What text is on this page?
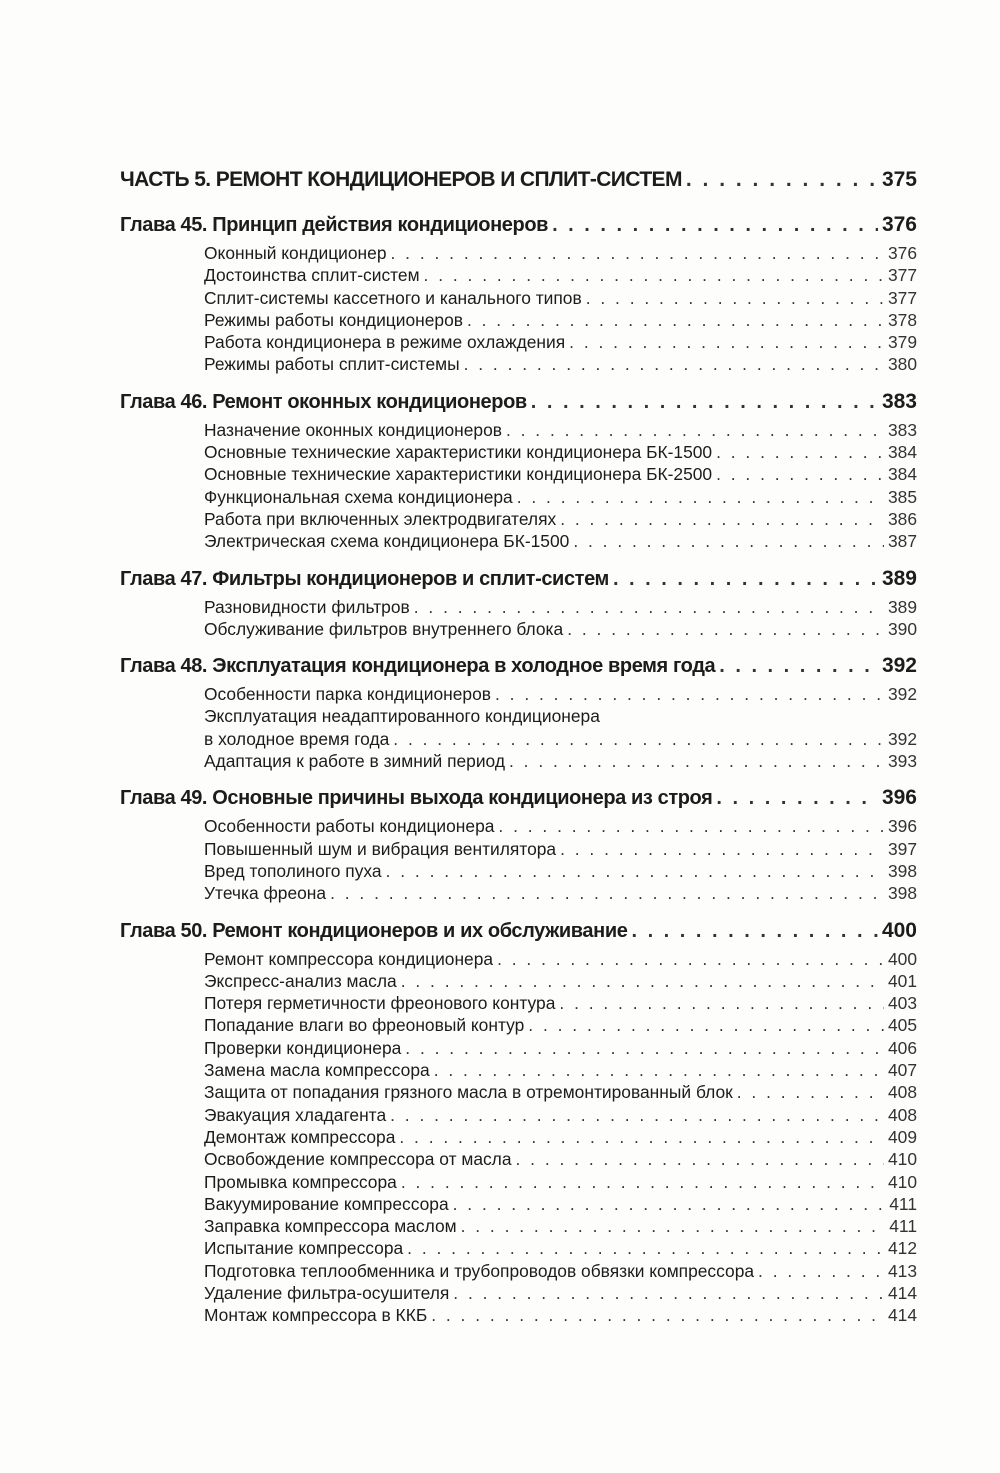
ЧАСТЬ 5. РЕМОНТ КОНДИЦИОНЕРОВ И СПЛИТ-СИСТЕМ . . .	375
Глава 45. Принцип действия кондиционеров . . .	376
Оконный кондиционер . . .	376
Достоинства сплит-систем . . .	377
Сплит-системы кассетного и канального типов . . .	377
Режимы работы кондиционеров . . .	378
Работа кондиционера в режиме охлаждения . . .	379
Режимы работы сплит-системы . . .	380
Глава 46. Ремонт оконных кондиционеров . . .	383
Назначение оконных кондиционеров . . .	383
Основные технические характеристики кондиционера БК-1500 . . .	384
Основные технические характеристики кондиционера БК-2500 . . .	384
Функциональная схема кондиционера . . .	385
Работа при включенных электродвигателях . . .	386
Электрическая схема кондиционера БК-1500 . . .	387
Глава 47. Фильтры кондиционеров и сплит-систем . . .	389
Разновидности фильтров . . .	389
Обслуживание фильтров внутреннего блока . . .	390
Глава 48. Эксплуатация кондиционера в холодное время года . . .	392
Особенности парка кондиционеров . . .	392
Эксплуатация неадаптированного кондиционера
в холодное время года . . .	392
Адаптация к работе в зимний период . . .	393
Глава 49. Основные причины выхода кондиционера из строя . . .	396
Особенности работы кондиционера . . .	396
Повышенный шум и вибрация вентилятора . . .	397
Вред тополиного пуха . . .	398
Утечка фреона . . .	398
Глава 50. Ремонт кондиционеров и их обслуживание . . .	400
Ремонт компрессора кондиционера . . .	400
Экспресс-анализ масла . . .	401
Потеря герметичности фреонового контура . . .	403
Попадание влаги во фреоновый контур . . .	405
Проверки кондиционера . . .	406
Замена масла компрессора . . .	407
Защита от попадания грязного масла в отремонтированный блок . . .	408
Эвакуация хладагента . . .	408
Демонтаж компрессора . . .	409
Освобождение компрессора от масла . . .	410
Промывка компрессора . . .	410
Вакуумирование компрессора . . .	411
Заправка компрессора маслом . . .	411
Испытание компрессора . . .	412
Подготовка теплообменника и трубопроводов обвязки компрессора . . .	413
Удаление фильтра-осушителя . . .	414
Монтаж компрессора в ККБ . . .	414
